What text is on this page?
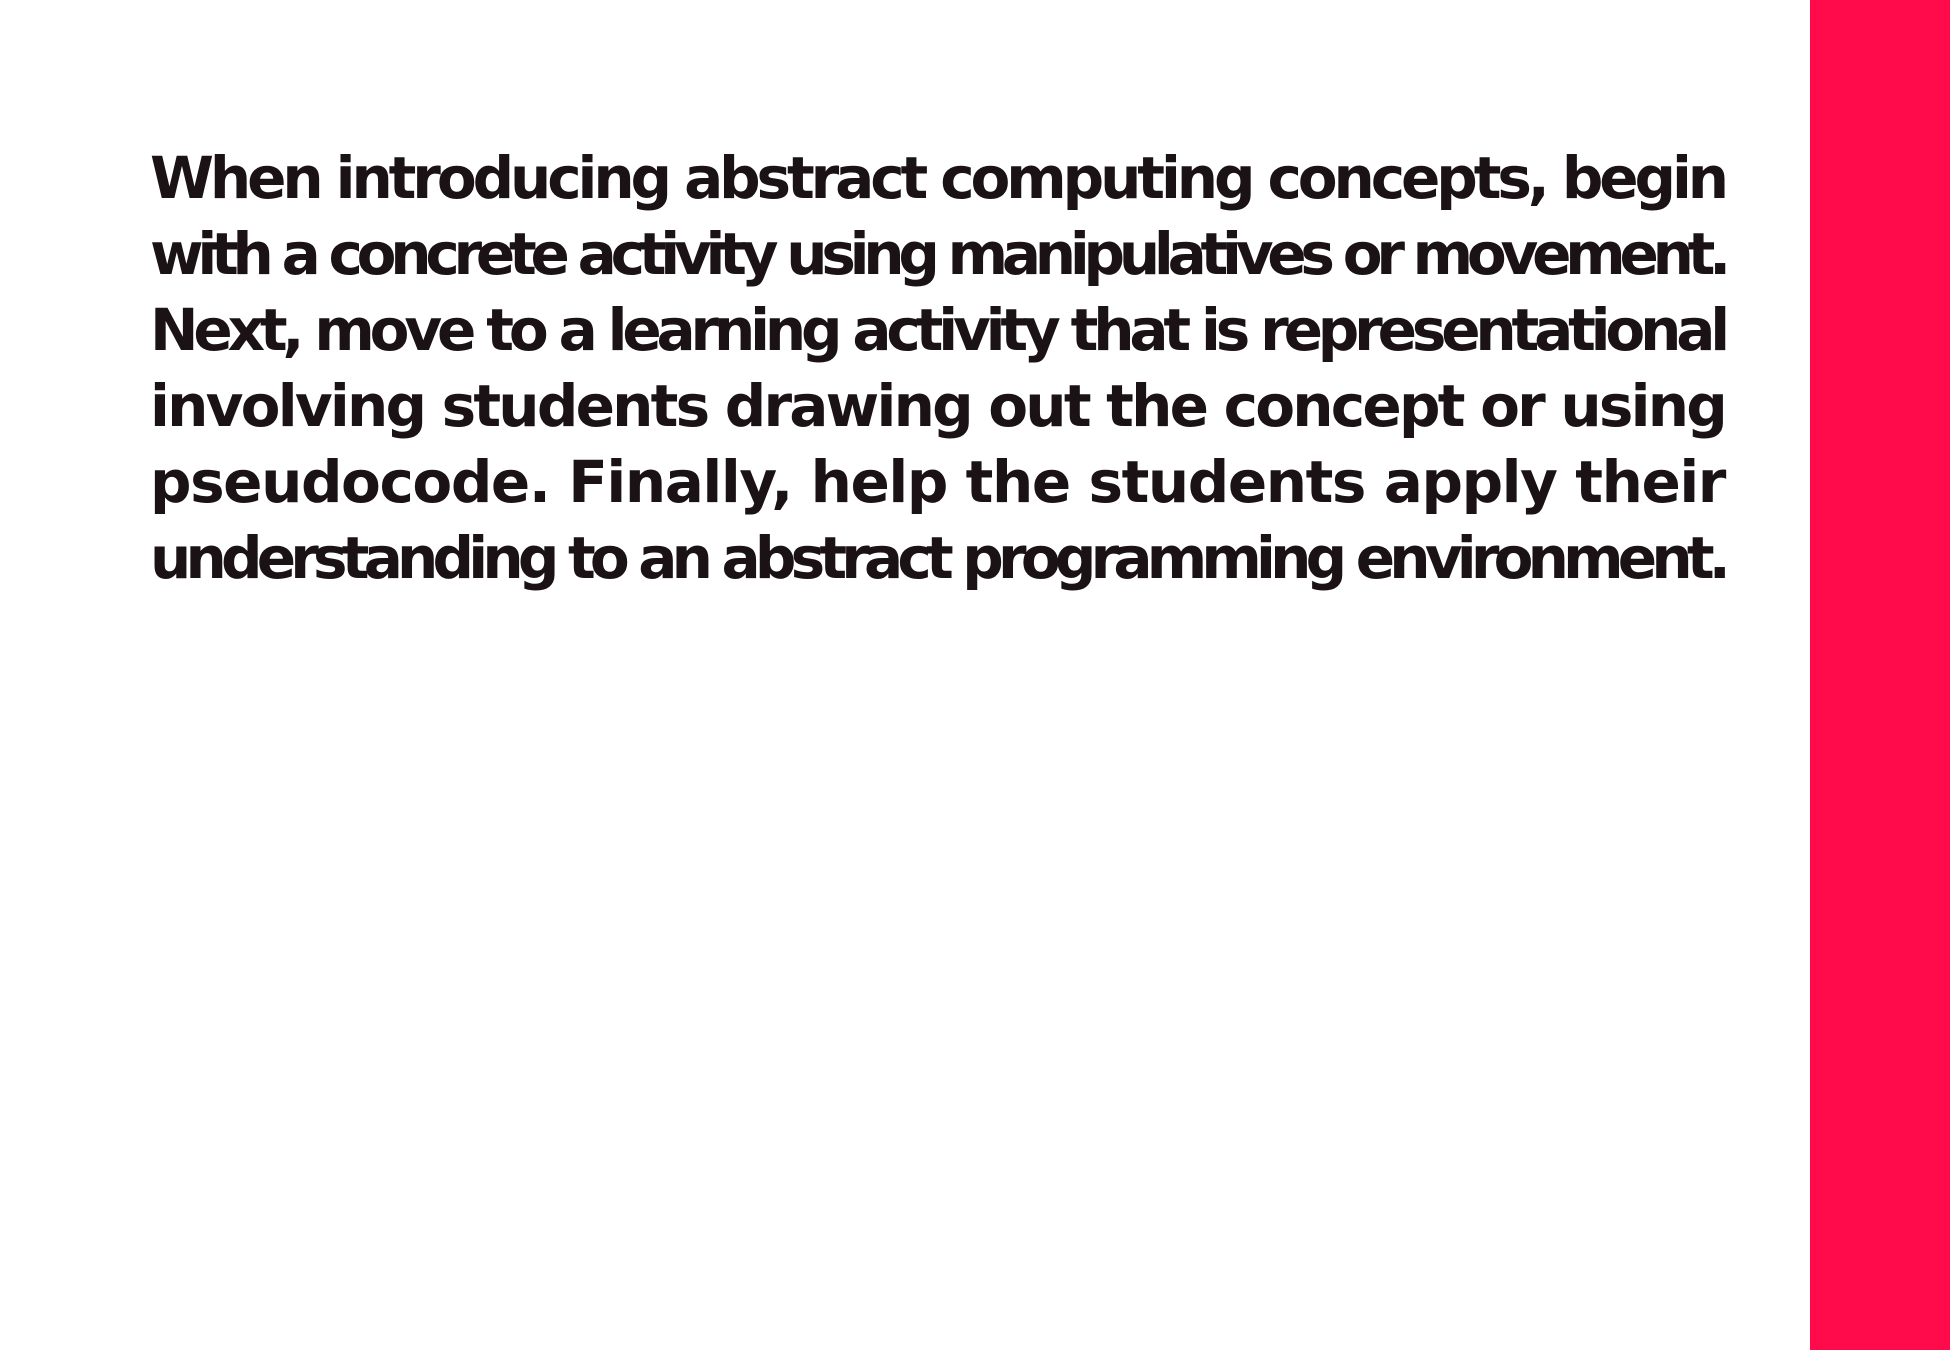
When introducing abstract computing concepts, begin
with a concrete activity using manipulatives or movement.
Next, move to a learning activity that is representational
involving students drawing out the concept or using
pseudocode. Finally, help the students apply their
understanding to an abstract programming environment.
